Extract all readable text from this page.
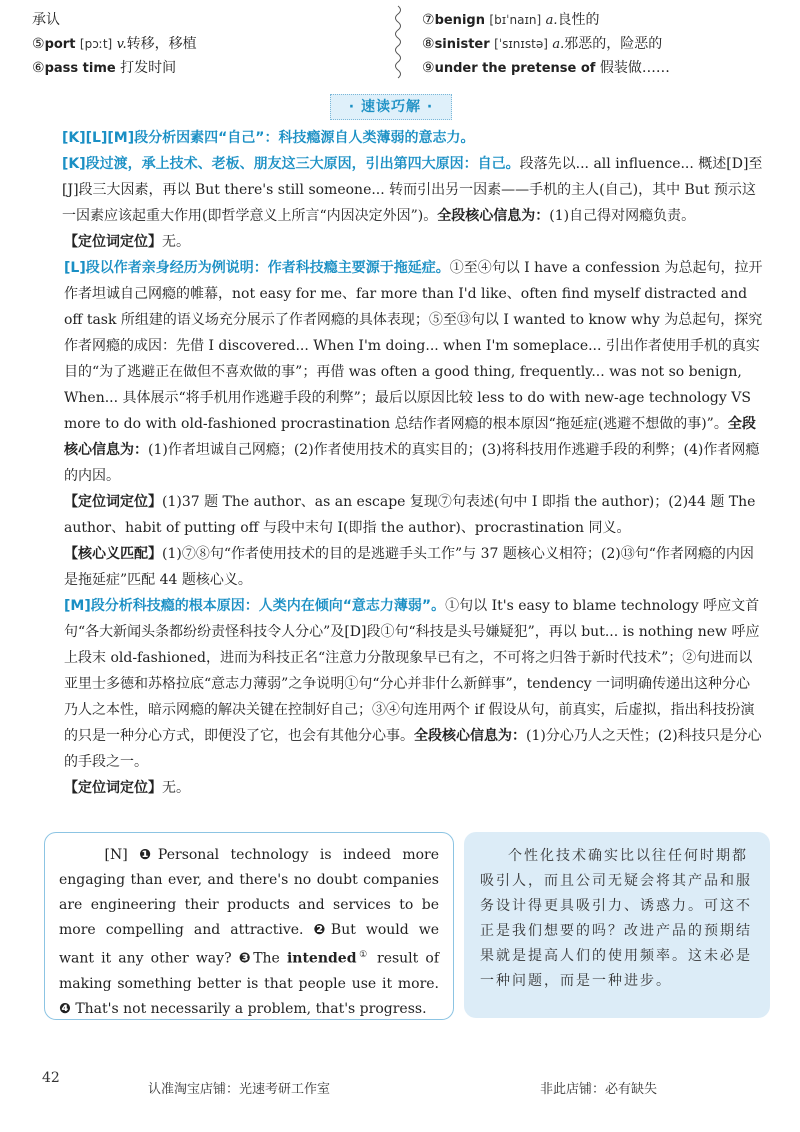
承认
⑤port [pɔːt] v.转移，移植
⑥pass time 打发时间
⑦benign [bɪˈnaɪn] a.良性的
⑧sinister [ˈsɪnɪstə] a.邪恶的，险恶的
⑨under the pretense of 假装做……
· 速读巧解 ·

[K][L][M]段分析因素四“自己”：科技瘾源自人类薄弱的意志力。

[K]段过渡，承上技术、老板、朋友这三大原因，引出第四大原因：自己。段落先以... all influence... 概述[D]至[J]段三大因素，再以 But there's still someone... 转而引出另一因素——手机的主人(自己)，其中 But 预示这一因素应该起重大作用(即哲学意义上所言“内因决定外因”)。全段核心信息为：(1)自己得对网瘾负责。

【定位词定位】无。

[L]段以作者亲身经历为例说明：作者科技瘾主要源于拖延症。①至④句以 I have a confession 为总起句，拉开作者坦诚自己网瘾的帷幕，not easy for me、far more than I'd like、often find myself distracted and off task 所组建的语义场充分展示了作者网瘾的具体表现；⑤至⑬句以 I wanted to know why 为总起句，探究作者网瘾的成因：先借 I discovered... When I'm doing... when I'm someplace... 引出作者使用手机的真实目的“为了逃避正在做但不喜欢做的事”；再借 was often a good thing, frequently... was not so benign, When... 具体展示“将手机用作逃避手段的利弊”；最后以原因比较 less to do with new-age technology VS more to do with old-fashioned procrastination 总结作者网瘾的根本原因“拖延症(逃避不想做的事)”。全段核心信息为：(1)作者坦诚自己网瘾；(2)作者使用技术的真实目的；(3)将科技用作逃避手段的利弊；(4)作者网瘾的内因。

【定位词定位】(1)37 题 The author、as an escape 复现⑦句表述(句中 I 即指 the author)；(2)44 题 The author、habit of putting off 与段中末句 I(即指 the author)、procrastination 同义。

【核心义匹配】(1)⑦⑧句“作者使用技术的目的是逃避手头工作”与 37 题核心义相符；(2)⑬句“作者网瘾的内因是拖延症”匹配 44 题核心义。

[M]段分析科技瘾的根本原因：人类内在倾向“意志力薄弱”。①句以 It's easy to blame technology 呼应文首句“各大新闻头条都纷纷责怪科技令人分心”及[D]段①句“科技是头号嫌疑犯”，再以 but... is nothing new 呼应上段末 old-fashioned，进而为科技正名“注意力分散现象早已有之，不可将之归咎于新时代技术”；②句进而以亚里士多德和苏格拉底“意志力薄弱”之争说明①句“分心并非什么新鲜事”，tendency 一词明确传递出这种分心乃人之本性，暗示网瘾的解决关键在控制好自己；③④句连用两个 if 假设从句，前真实，后虚拟，指出科技扮演的只是一种分心方式，即便没了它，也会有其他分心事。全段核心信息为：(1)分心乃人之天性；(2)科技只是分心的手段之一。

【定位词定位】无。

[N] ❶Personal technology is indeed more engaging than ever, and there's no doubt companies are engineering their products and services to be more compelling and attractive. ❷But would we want it any other way? ❸The intended① result of making something better is that people use it more. ❹ That's not necessarily a problem, that's progress.
个性化技术确实比以往任何时期都吸引人，而且公司无疑会将其产品和服务设计得更具吸引力、诱惑力。可这不正是我们想要的吗？改进产品的预期结果就是提高人们的使用频率。这未必是一种问题，而是一种进步。
42
认准淘宝店铺：光速考研工作室	非此店铺：必有缺失
